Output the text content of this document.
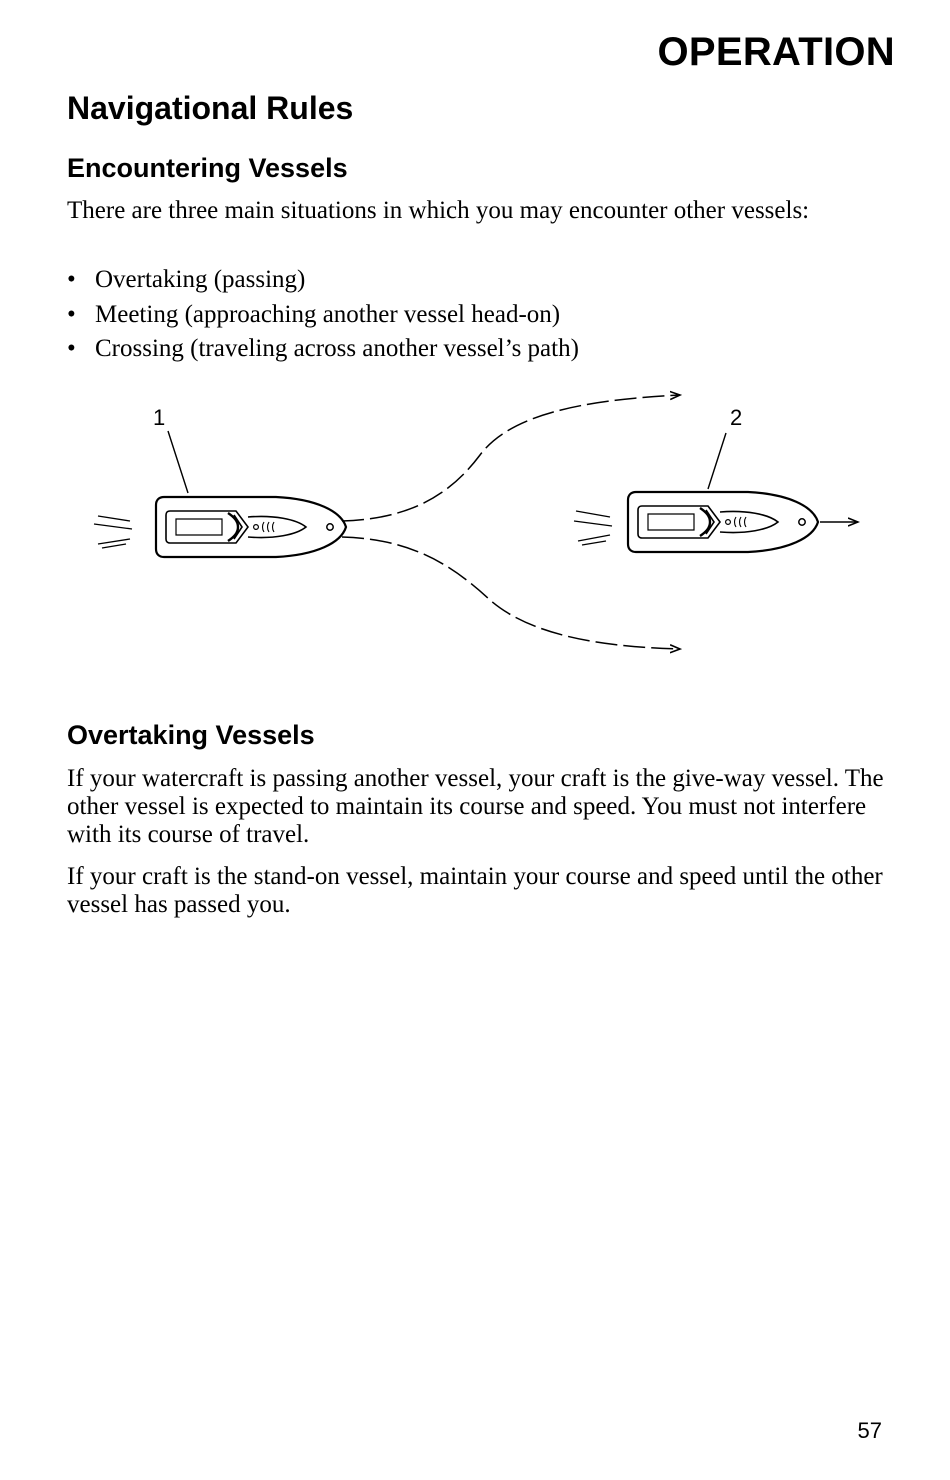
OPERATION
Navigational Rules
Encountering Vessels

There are three main situations in which you may encounter other vessels:

• Overtaking (passing)
• Meeting (approaching another vessel head-on)
• Crossing (traveling across another vessel’s path)
1	2
Overtaking Vessels

If your watercraft is passing another vessel, your craft is the give-way vessel. The other vessel is expected to maintain its course and speed. You must not interfere with its course of travel.

If your craft is the stand-on vessel, maintain your course and speed until the other vessel has passed you.

57
